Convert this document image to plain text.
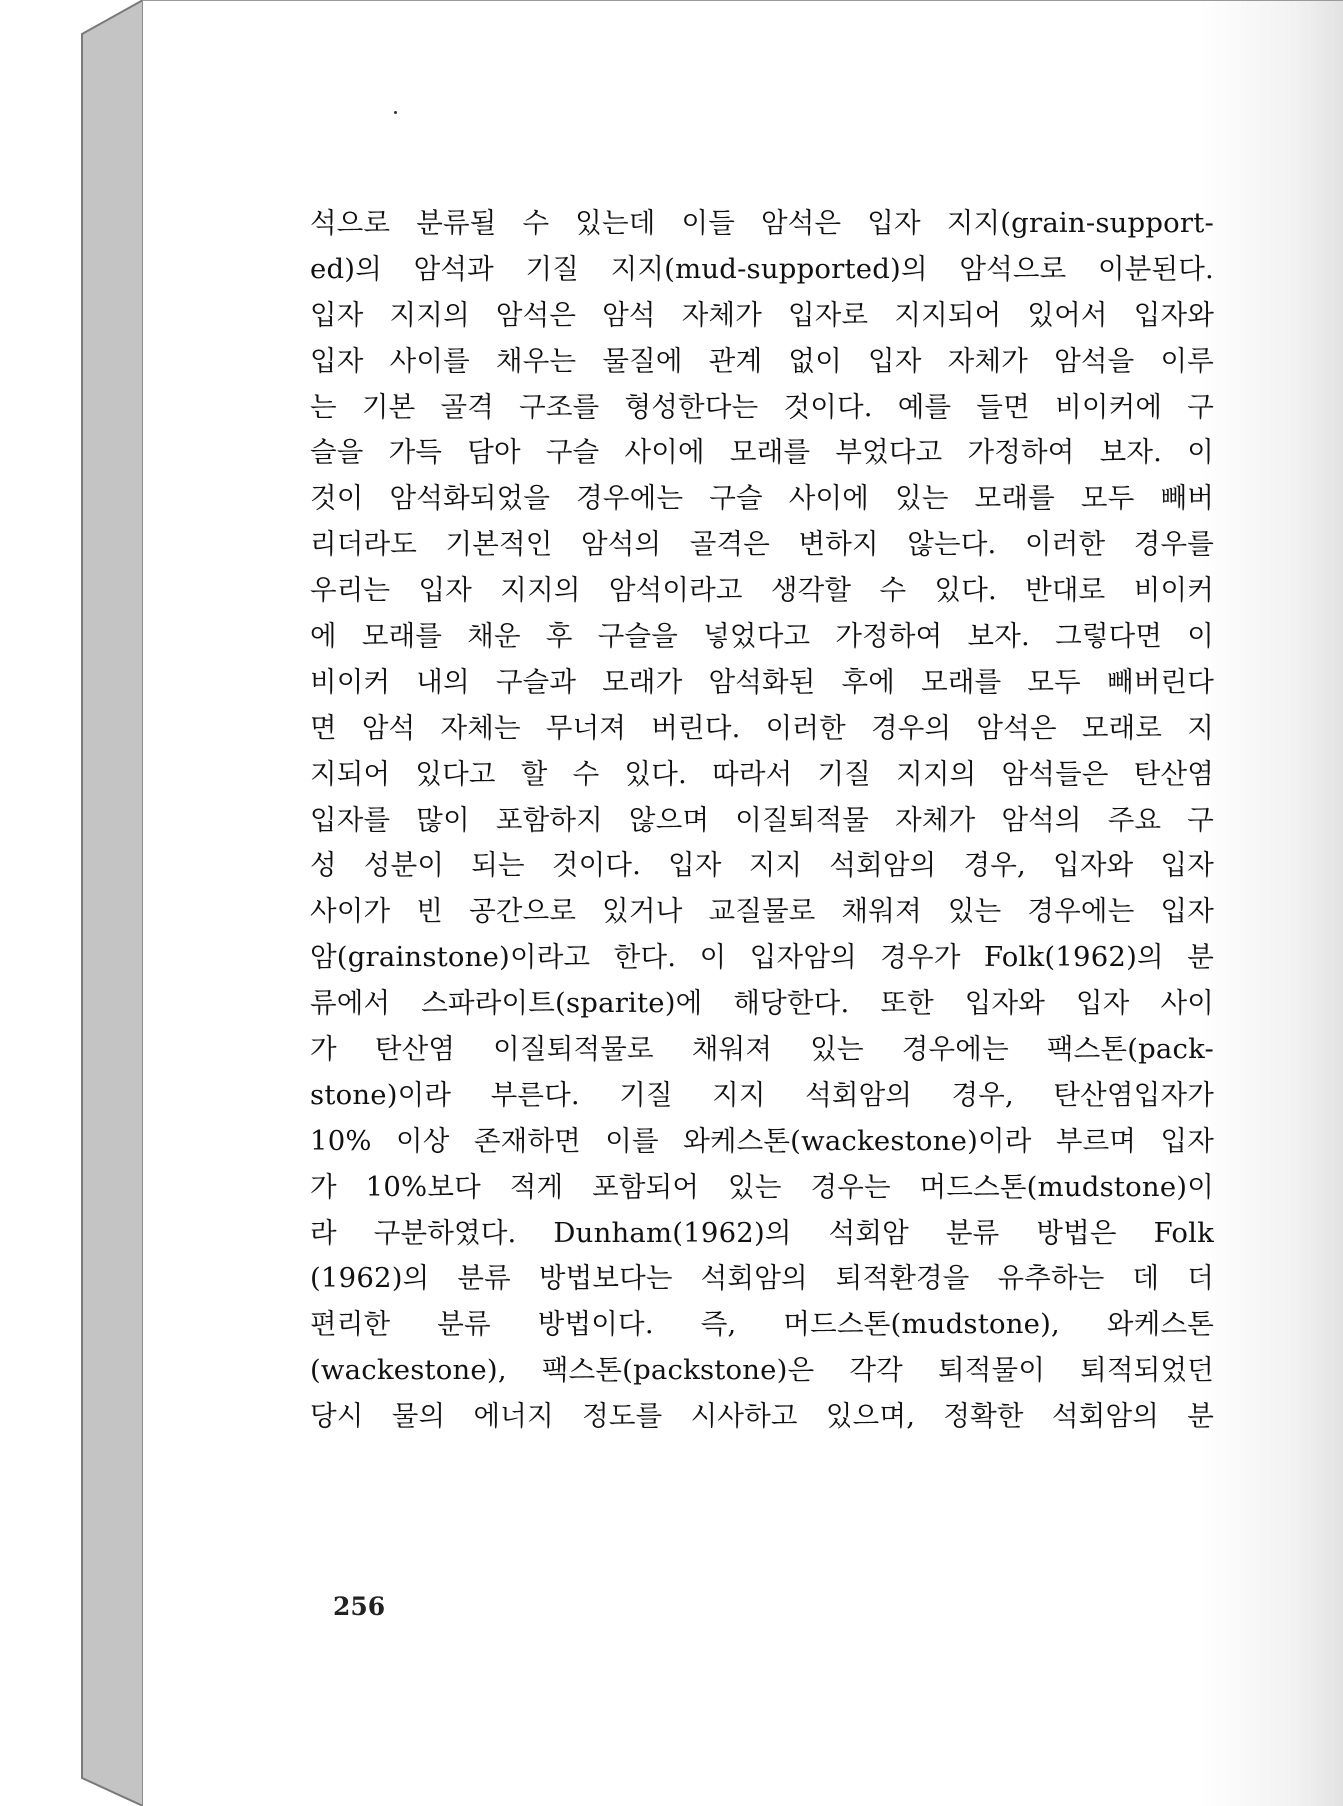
석으로 분류될 수 있는데 이들 암석은 입자 지지(grain-support-
ed)의 암석과 기질 지지(mud-supported)의 암석으로 이분된다.
입자 지지의 암석은 암석 자체가 입자로 지지되어 있어서 입자와
입자 사이를 채우는 물질에 관계 없이 입자 자체가 암석을 이루
는 기본 골격 구조를 형성한다는 것이다. 예를 들면 비이커에 구
슬을 가득 담아 구슬 사이에 모래를 부었다고 가정하여 보자. 이
것이 암석화되었을 경우에는 구슬 사이에 있는 모래를 모두 빼버
리더라도 기본적인 암석의 골격은 변하지 않는다. 이러한 경우를
우리는 입자 지지의 암석이라고 생각할 수 있다. 반대로 비이커
에 모래를 채운 후 구슬을 넣었다고 가정하여 보자. 그렇다면 이
비이커 내의 구슬과 모래가 암석화된 후에 모래를 모두 빼버린다
면 암석 자체는 무너져 버린다. 이러한 경우의 암석은 모래로 지
지되어 있다고 할 수 있다. 따라서 기질 지지의 암석들은 탄산염
입자를 많이 포함하지 않으며 이질퇴적물 자체가 암석의 주요 구
성 성분이 되는 것이다. 입자 지지 석회암의 경우, 입자와 입자
사이가 빈 공간으로 있거나 교질물로 채워져 있는 경우에는 입자
암(grainstone)이라고 한다. 이 입자암의 경우가 Folk(1962)의 분
류에서 스파라이트(sparite)에 해당한다. 또한 입자와 입자 사이
가 탄산염 이질퇴적물로 채워져 있는 경우에는 팩스톤(pack-
stone)이라 부른다. 기질 지지 석회암의 경우, 탄산염입자가
10% 이상 존재하면 이를 와케스톤(wackestone)이라 부르며 입자
가 10%보다 적게 포함되어 있는 경우는 머드스톤(mudstone)이
라 구분하였다. Dunham(1962)의 석회암 분류 방법은 Folk
(1962)의 분류 방법보다는 석회암의 퇴적환경을 유추하는 데 더
편리한 분류 방법이다. 즉, 머드스톤(mudstone), 와케스톤
(wackestone), 팩스톤(packstone)은 각각 퇴적물이 퇴적되었던
당시 물의 에너지 정도를 시사하고 있으며, 정확한 석회암의 분
256
